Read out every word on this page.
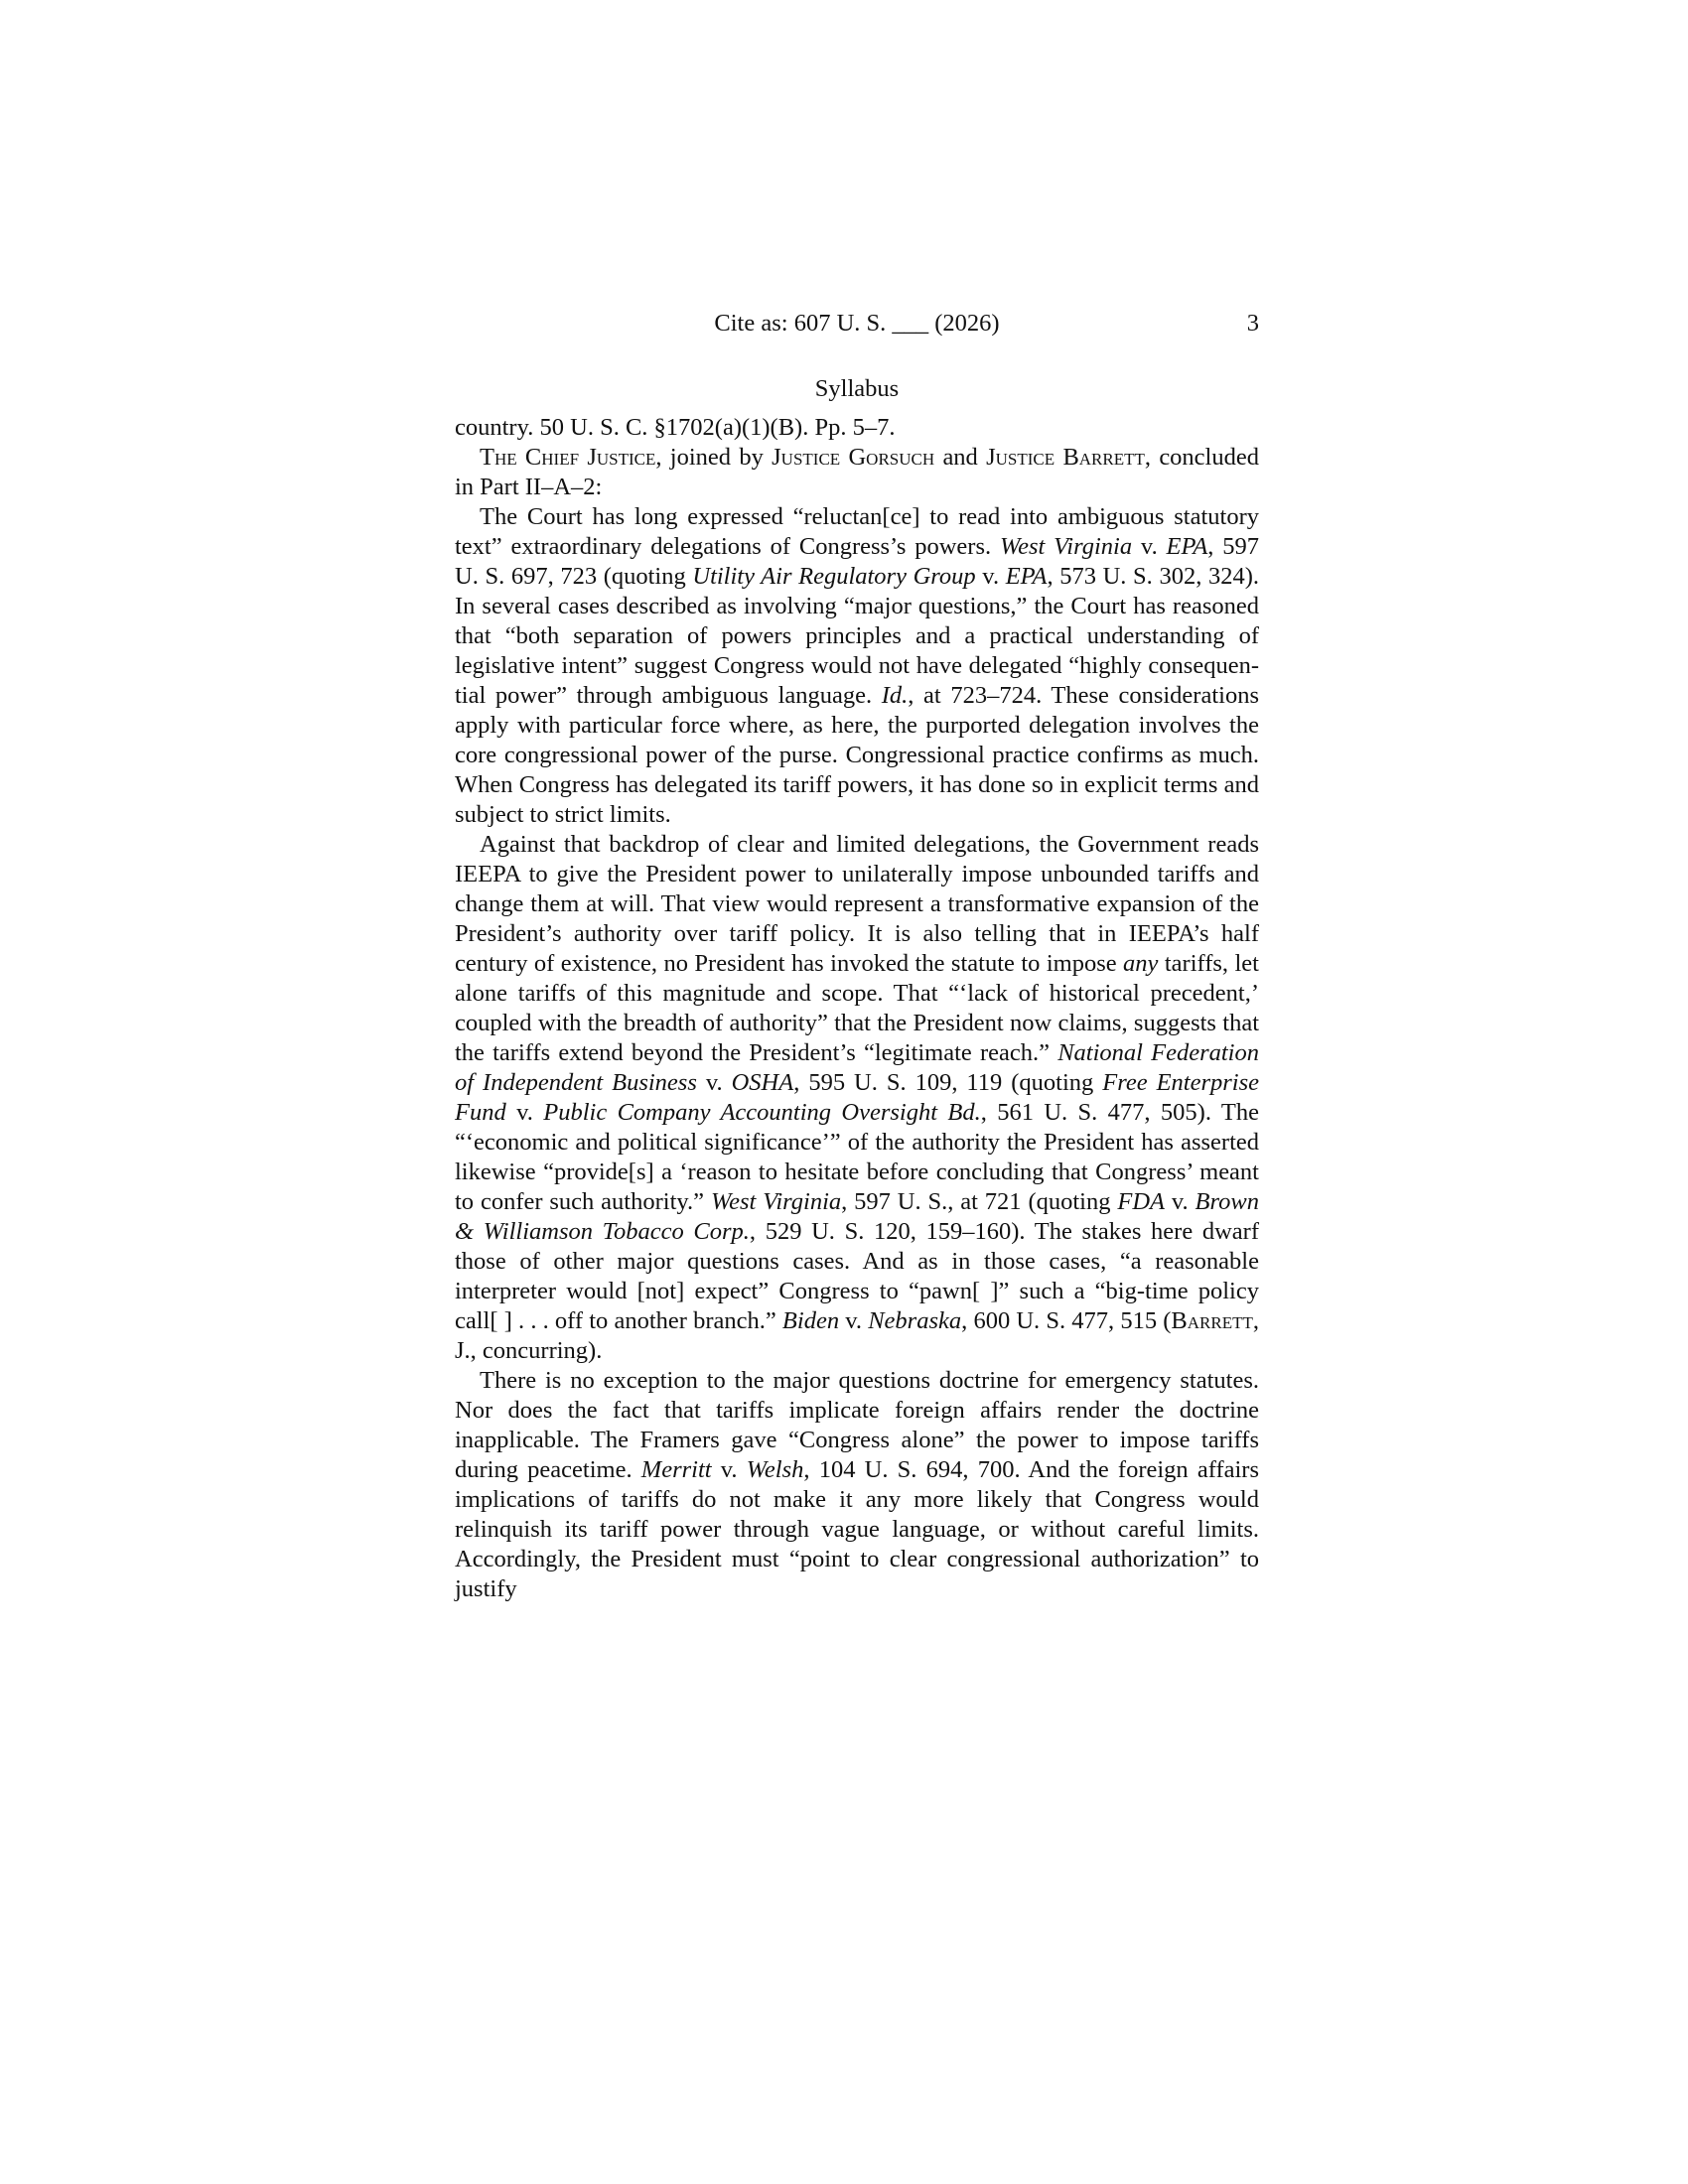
Cite as: 607 U. S. ___ (2026)	3
Syllabus

country. 50 U. S. C. §1702(a)(1)(B). Pp. 5–7.

The Chief Justice, joined by Justice Gorsuch and Justice Barrett, concluded in Part II–A–2:

The Court has long expressed “reluctan[ce] to read into ambiguous statutory text” extraordinary delegations of Congress’s powers. West Virginia v. EPA, 597 U. S. 697, 723 (quoting Utility Air Regulatory Group v. EPA, 573 U. S. 302, 324). In several cases described as involving “major questions,” the Court has reasoned that “both separation of powers principles and a practical understanding of legislative intent” suggest Congress would not have delegated “highly consequential power” through ambiguous language. Id., at 723–724. These considerations apply with particular force where, as here, the purported delegation involves the core congressional power of the purse. Congressional practice confirms as much. When Congress has delegated its tariff powers, it has done so in explicit terms and subject to strict limits.

Against that backdrop of clear and limited delegations, the Government reads IEEPA to give the President power to unilaterally impose unbounded tariffs and change them at will. That view would represent a transformative expansion of the President’s authority over tariff policy. It is also telling that in IEEPA’s half century of existence, no President has invoked the statute to impose any tariffs, let alone tariffs of this magnitude and scope. That “‘lack of historical precedent,’ coupled with the breadth of authority” that the President now claims, suggests that the tariffs extend beyond the President’s “legitimate reach.” National Federation of Independent Business v. OSHA, 595 U. S. 109, 119 (quoting Free Enterprise Fund v. Public Company Accounting Oversight Bd., 561 U. S. 477, 505). The “‘economic and political significance’” of the authority the President has asserted likewise “provide[s] a ‘reason to hesitate before concluding that Congress’ meant to confer such authority.” West Virginia, 597 U. S., at 721 (quoting FDA v. Brown & Williamson Tobacco Corp., 529 U. S. 120, 159–160). The stakes here dwarf those of other major questions cases. And as in those cases, “a reasonable interpreter would [not] expect” Congress to “pawn[ ]” such a “big-time policy call[ ] . . . off to another branch.” Biden v. Nebraska, 600 U. S. 477, 515 (Barrett, J., concurring).

There is no exception to the major questions doctrine for emergency statutes. Nor does the fact that tariffs implicate foreign affairs render the doctrine inapplicable. The Framers gave “Congress alone” the power to impose tariffs during peacetime. Merritt v. Welsh, 104 U. S. 694, 700. And the foreign affairs implications of tariffs do not make it any more likely that Congress would relinquish its tariff power through vague language, or without careful limits. Accordingly, the President must “point to clear congressional authorization” to justify
